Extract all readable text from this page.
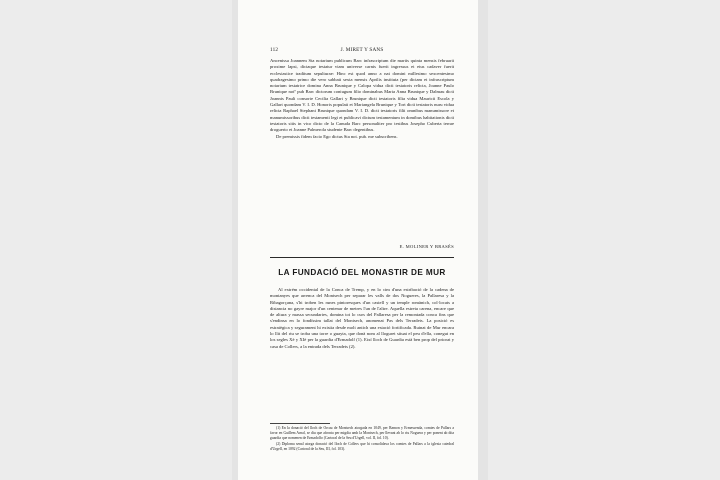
112	J. MIRET Y SANS

Ancenissa Joannem Sta notarium publicum Barc infrascriptum die martis quinta mensis februarii proxime lapsi, dictaque testatur viam universe carnis fuerit ingressus et eius cadaver fuerit ecclesiastice traditum sepulturae: Hinc est quod anno a nat domini millesimo sexcentesimo quadragesimo primo die vero sabbati sexta mensis Aprilis instituta (per dictam et infrascriptum notarium testatrice domina Anna Brunique y Calopa vidua dicti testatoris relicta, Joanne Paulo Brunique notº pub Barc dictorum coniugum filio dominabus Maria Anna Brunique y Dalmau dicti Joannis Pauli consorte Cecilia Gallart y Brunique dicti testatoris filia vidua Mauricii Escola y Gallart quondam V. I. D. Honoris populati et Mariangela Brunique y Tort dicti testatoris nuru vidua relicta Raphael Stephani Brunique quondam V. I. D. dicti testatoris filii omnibus manumissore et manumissoribus dicti testamenti legi et publicavi dictum testamentum in domibus habitationis dicti testatoris sitis in vico dicto de la Canuda Barc personaliter pro testibus Josepho Cuberta terrae droguerio et Joanne Palmerola studente Barc degentibus.

De premissis fidem facio Ego dictus Sta not. pub. me subscribens.

E. MOLINER Y BRASÉS
LA FUNDACIÓ DEL MONASTIR DE MUR

Al extrém occidental de la Conca de Tremp, y en lo cim d'una estribació de la cadena de montanyes que arrenca del Montsech per separar les valls de dos Nogueres, la Pallaresa y la Ribagorçana, s'hi troben les runes pintoresques d'un castell y un temple romànich, col·locats a distancia no gayre major d'un centenar de metres l'un de l'altre. Aquella estreta carena, encare que de altura y massa secundaries, domina tot lo curs del Pallaresa per la remontada conca fins que s'endinsa en lo fondíssim tallat del Montsech, anomenat Pas dels Terradets. La posició es estratègica y segurament hi existia desde molt antich una estació fortificada. Ruinat de Mur encara lo llit del riu se troba una torre o guayta, que donà nom al lloguret situat el peu d'ella, conegut en los segles Xè y XIè per la guardia d'Ermadolf (1). Eixí lloch de Guardia està ben prop del priorat y casa de Collers, a la entrada dels Terradets (2).

(1) En la donació del lloch de Orcau de Montsech atorgada en 1049, per Ramon y Ermessenda, comtes de Pallars a favor en Guillem Arnal, se diu que afronta per migdia amb la Montsech, per llevant ab lo riu Noguera y per ponent ab dita guardia que nomenen de Ermadolfo (Cartoral de la Seu d'Urgell, vol. II, fol. 10).

(2) Diploma senal atorga donació del lloch de Collers que hi consolidava los comtes de Pallars a la iglesia catedral d'Urgell, en 1092 (Cartoral de la Seu, III, fol. 103).
